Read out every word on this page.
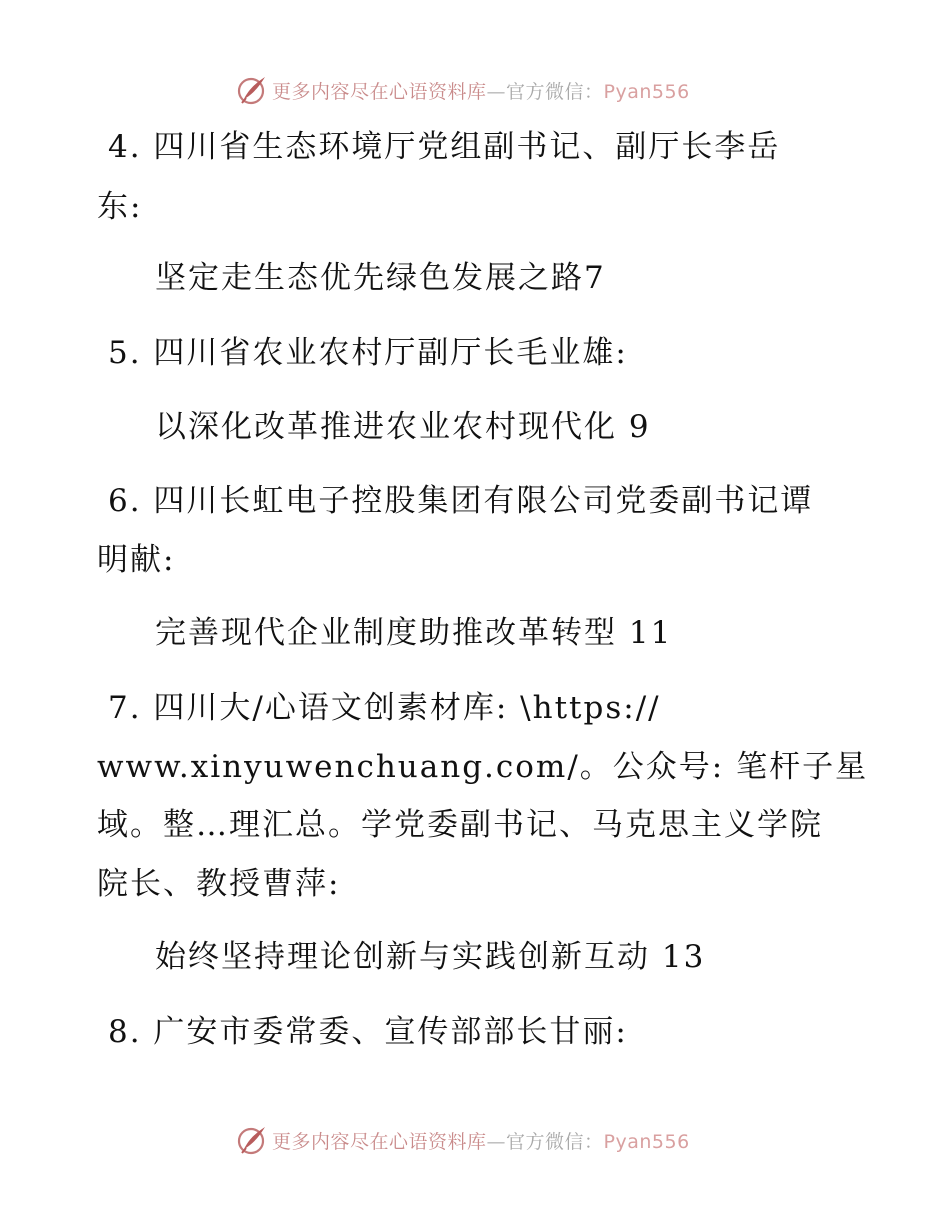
更多内容尽在心语资料库—官方微信：Pyan556
4. 四川省生态环境厅党组副书记、副厅长李岳
东:
坚定走生态优先绿色发展之路7
5. 四川省农业农村厅副厅长毛业雄:
以深化改革推进农业农村现代化 9
6. 四川长虹电子控股集团有限公司党委副书记谭
明献:
完善现代企业制度助推改革转型 11
7. 四川大/心语文创素材库: \https://
www.xinyuwenchuang.com/。公众号: 笔杆子星
域。整…理汇总。学党委副书记、马克思主义学院
院长、教授曹萍:
始终坚持理论创新与实践创新互动 13
8. 广安市委常委、宣传部部长甘丽:
更多内容尽在心语资料库—官方微信：Pyan556
